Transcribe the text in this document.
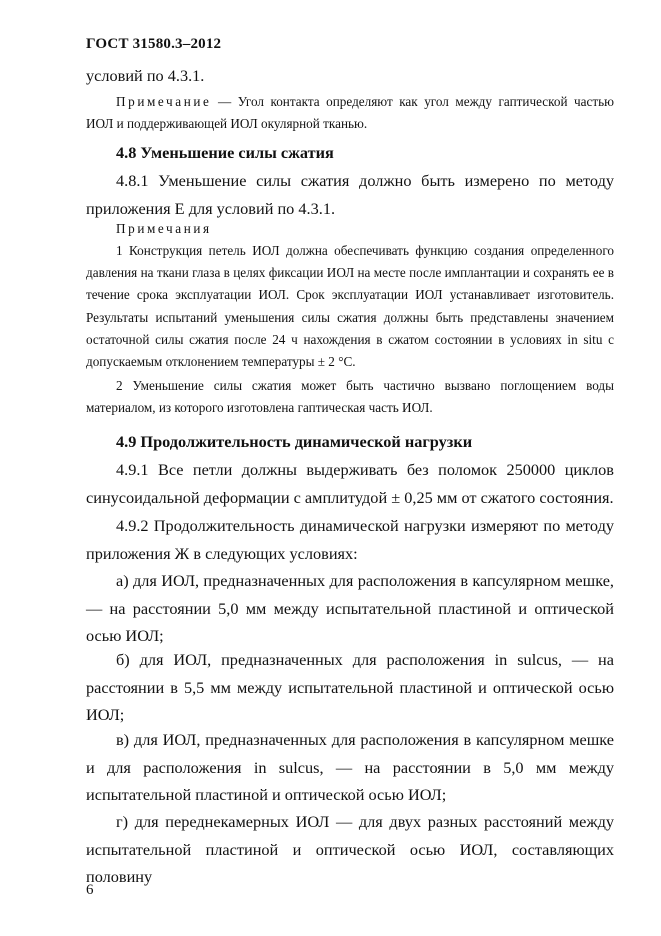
ГОСТ 31580.3–2012

условий по 4.3.1.

Примечание — Угол контакта определяют как угол между гаптической частью ИОЛ и поддерживающей ИОЛ окулярной тканью.

4.8 Уменьшение силы сжатия

4.8.1 Уменьшение силы сжатия должно быть измерено по методу приложения Е для условий по 4.3.1.

Примечания

1 Конструкция петель ИОЛ должна обеспечивать функцию создания определенного давления на ткани глаза в целях фиксации ИОЛ на месте после имплантации и сохранять ее в течение срока эксплуатации ИОЛ. Срок эксплуатации ИОЛ устанавливает изготовитель. Результаты испытаний уменьшения силы сжатия должны быть представлены значением остаточной силы сжатия после 24 ч нахождения в сжатом состоянии в условиях in situ с допускаемым отклонением температуры ± 2 °С.

2 Уменьшение силы сжатия может быть частично вызвано поглощением воды материалом, из которого изготовлена гаптическая часть ИОЛ.

4.9 Продолжительность динамической нагрузки

4.9.1 Все петли должны выдерживать без поломок 250000 циклов синусоидальной деформации с амплитудой ± 0,25 мм от сжатого состояния.

4.9.2 Продолжительность динамической нагрузки измеряют по методу приложения Ж в следующих условиях:

а) для ИОЛ, предназначенных для расположения в капсулярном мешке, — на расстоянии 5,0 мм между испытательной пластиной и оптической осью ИОЛ;

б) для ИОЛ, предназначенных для расположения in sulcus, — на расстоянии в 5,5 мм между испытательной пластиной и оптической осью ИОЛ;

в) для ИОЛ, предназначенных для расположения в капсулярном мешке и для расположения in sulcus, — на расстоянии в 5,0 мм между испытательной пластиной и оптической осью ИОЛ;

г) для переднекамерных ИОЛ — для двух разных расстояний между испытательной пластиной и оптической осью ИОЛ, составляющих половину

6
